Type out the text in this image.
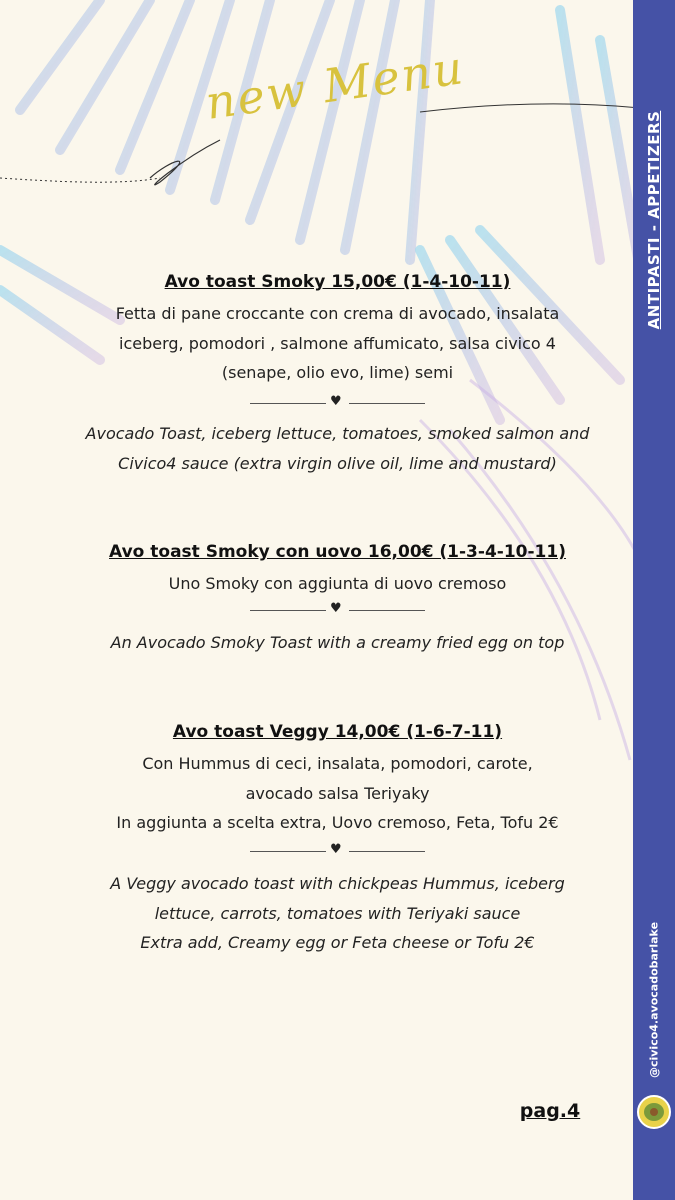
new Menu
Avo toast Smoky 15,00€ (1-4-10-11)
Fetta di pane croccante con crema di avocado, insalata
iceberg, pomodori , salmone affumicato, salsa civico 4
(senape, olio evo, lime) semi
♥
Avocado Toast, iceberg lettuce, tomatoes, smoked salmon and
Civico4 sauce (extra virgin olive oil, lime and mustard)
Avo toast Smoky con uovo 16,00€ (1-3-4-10-11)
Uno Smoky con aggiunta di uovo cremoso
♥
An Avocado Smoky Toast with a creamy fried egg on top
Avo toast Veggy 14,00€ (1-6-7-11)
Con Hummus di ceci, insalata, pomodori, carote,
avocado salsa Teriyaky
In aggiunta a scelta extra, Uovo cremoso, Feta, Tofu 2€
♥
A Veggy avocado toast with chickpeas Hummus, iceberg
lettuce, carrots, tomatoes with Teriyaki sauce
Extra add, Creamy egg or Feta cheese or Tofu 2€
pag.4
ANTIPASTI - APPETIZERS
@civico4.avocadobarlake
